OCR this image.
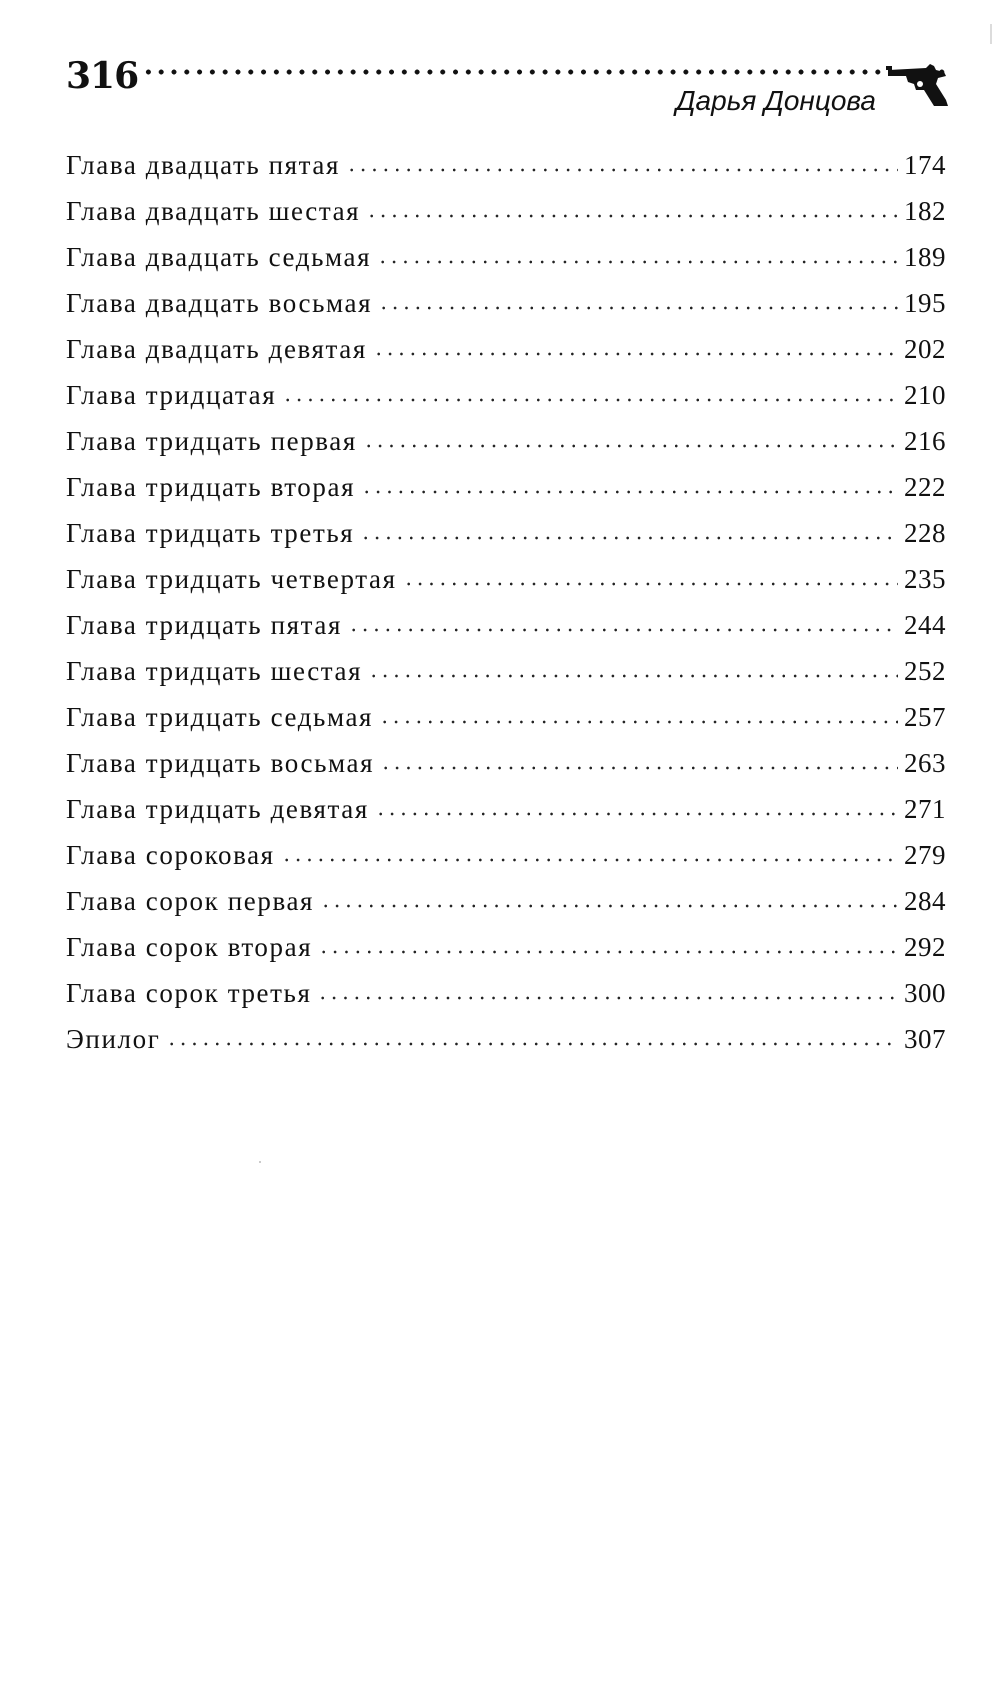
316
Дарья Донцова
Глава двадцать пятая	174
Глава двадцать шестая	182
Глава двадцать седьмая	189
Глава двадцать восьмая	195
Глава двадцать девятая	202
Глава тридцатая	210
Глава тридцать первая	216
Глава тридцать вторая	222
Глава тридцать третья	228
Глава тридцать четвертая	235
Глава тридцать пятая	244
Глава тридцать шестая	252
Глава тридцать седьмая	257
Глава тридцать восьмая	263
Глава тридцать девятая	271
Глава сороковая	279
Глава сорок первая	284
Глава сорок вторая	292
Глава сорок третья	300
Эпилог	307
